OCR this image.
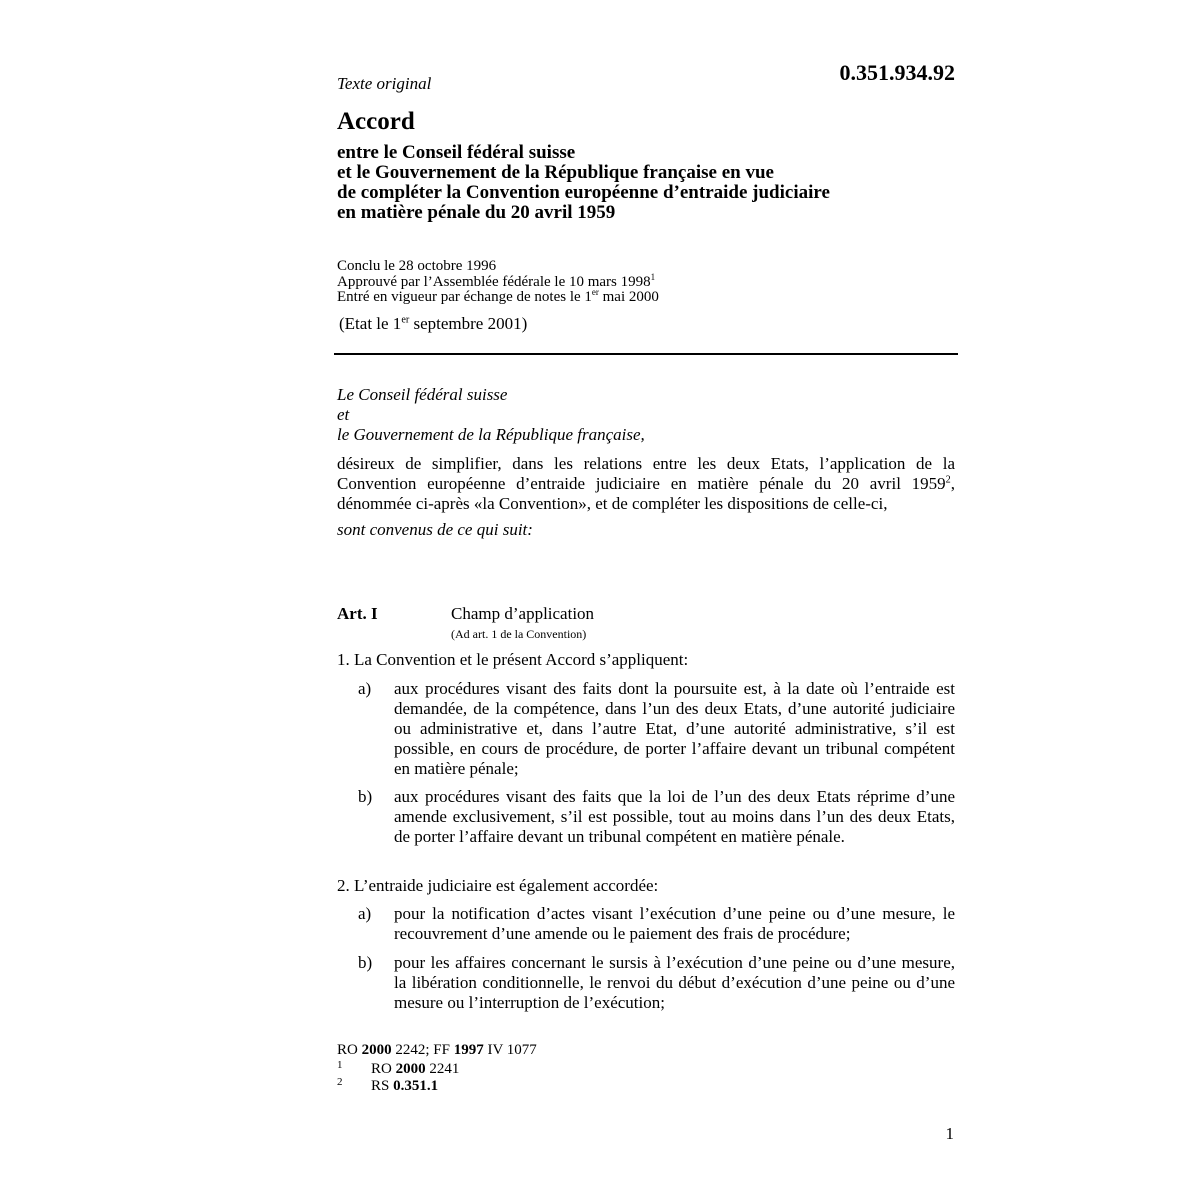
Texte original	0.351.934.92
Accord
entre le Conseil fédéral suisse
et le Gouvernement de la République française en vue
de compléter la Convention européenne d’entraide judiciaire
en matière pénale du 20 avril 1959
Conclu le 28 octobre 1996
Approuvé par l’Assemblée fédérale le 10 mars 1998$^1$
Entré en vigueur par échange de notes le 1er mai 2000
(Etat le 1er septembre 2001)
Le Conseil fédéral suisse
et
le Gouvernement de la République française,
désireux de simplifier, dans les relations entre les deux Etats, l’application de la Convention européenne d’entraide judiciaire en matière pénale du 20 avril 1959$^2$, dénommée ci-après «la Convention», et de compléter les dispositions de celle-ci,
sont convenus de ce qui suit:
Art. I	Champ d’application
(Ad art. 1 de la Convention)
1. La Convention et le présent Accord s’appliquent:
a) aux procédures visant des faits dont la poursuite est, à la date où l’entraide est demandée, de la compétence, dans l’un des deux Etats, d’une autorité judiciaire ou administrative et, dans l’autre Etat, d’une autorité administrative, s’il est possible, en cours de procédure, de porter l’affaire devant un tribunal compétent en matière pénale;
b) aux procédures visant des faits que la loi de l’un des deux Etats réprime d’une amende exclusivement, s’il est possible, tout au moins dans l’un des deux Etats, de porter l’affaire devant un tribunal compétent en matière pénale.
2. L’entraide judiciaire est également accordée:
a) pour la notification d’actes visant l’exécution d’une peine ou d’une mesure, le recouvrement d’une amende ou le paiement des frais de procédure;
b) pour les affaires concernant le sursis à l’exécution d’une peine ou d’une mesure, la libération conditionnelle, le renvoi du début d’exécution d’une peine ou d’une mesure ou l’interruption de l’exécution;
RO 2000 2242; FF 1997 IV 1077
1 RO 2000 2241
2 RS 0.351.1
1
